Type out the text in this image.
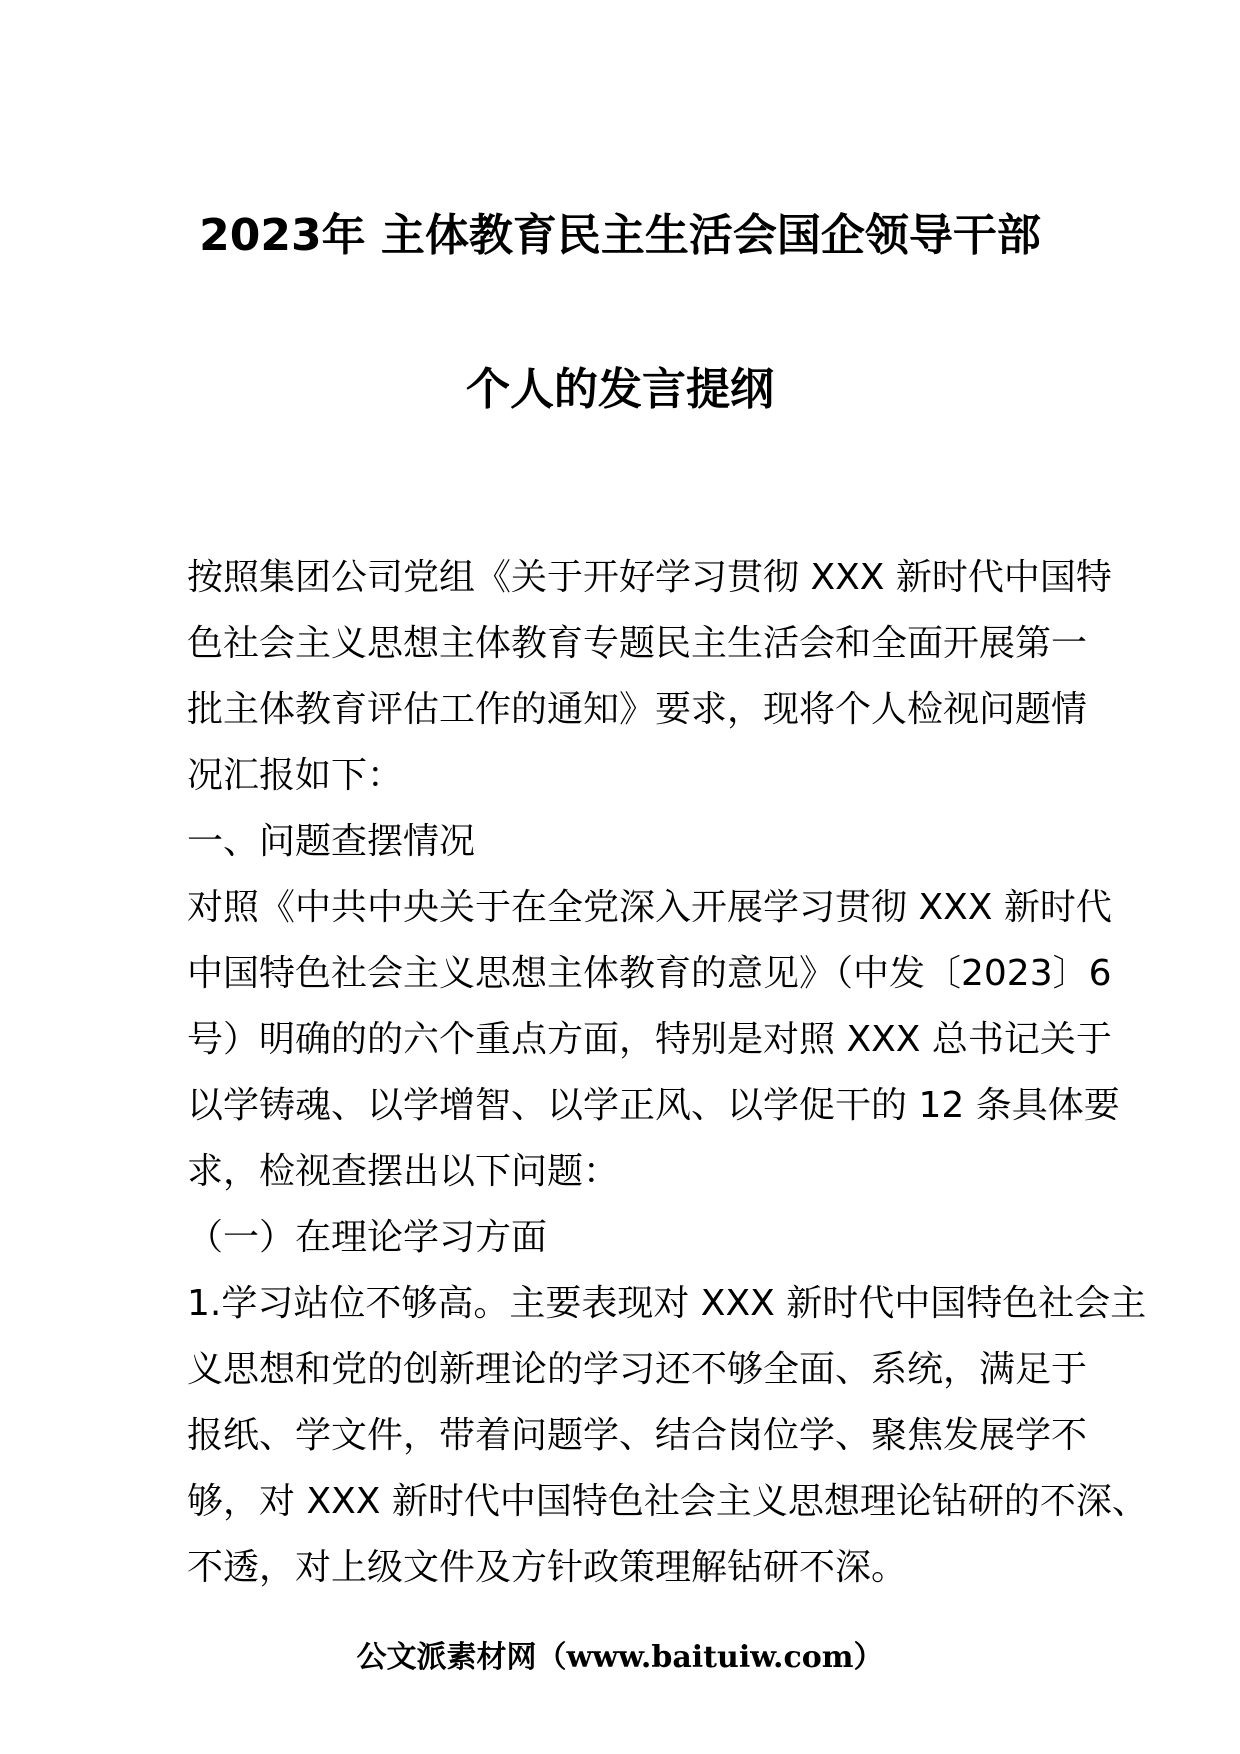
2023年 主体教育民主生活会国企领导干部
个人的发言提纲
按照集团公司党组《关于开好学习贯彻 XXX 新时代中国特
色社会主义思想主体教育专题民主生活会和全面开展第一
批主体教育评估工作的通知》要求，现将个人检视问题情
况汇报如下：
一、问题查摆情况
对照《中共中央关于在全党深入开展学习贯彻 XXX 新时代
中国特色社会主义思想主体教育的意见》（中发〔2023〕6
号）明确的的六个重点方面，特别是对照 XXX 总书记关于
以学铸魂、以学增智、以学正风、以学促干的 12 条具体要
求，检视查摆出以下问题：
（一）在理论学习方面
1.学习站位不够高。主要表现对 XXX 新时代中国特色社会主
义思想和党的创新理论的学习还不够全面、系统，满足于
报纸、学文件，带着问题学、结合岗位学、聚焦发展学不
够，对 XXX 新时代中国特色社会主义思想理论钻研的不深、
不透，对上级文件及方针政策理解钻研不深。
公文派素材网（www.baituiw.com）
